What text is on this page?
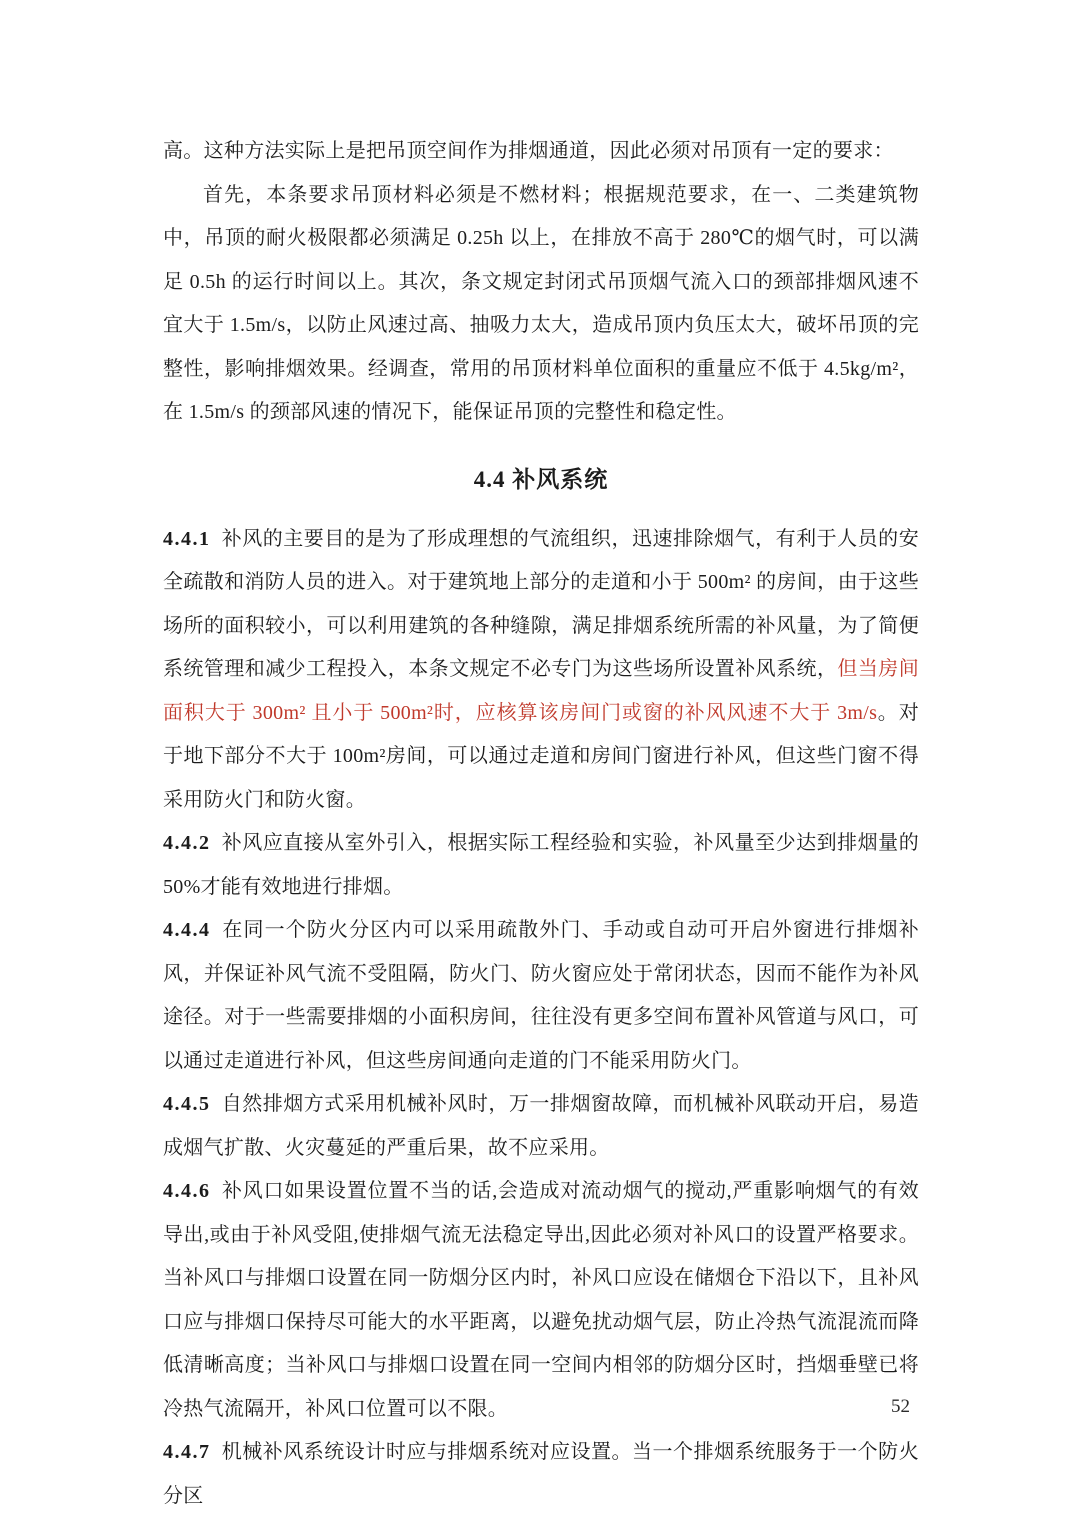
高。这种方法实际上是把吊顶空间作为排烟通道，因此必须对吊顶有一定的要求：

首先，本条要求吊顶材料必须是不燃材料；根据规范要求，在一、二类建筑物中，吊顶的耐火极限都必须满足 0.25h 以上，在排放不高于 280℃的烟气时，可以满足 0.5h 的运行时间以上。其次，条文规定封闭式吊顶烟气流入口的颈部排烟风速不宜大于 1.5m/s，以防止风速过高、抽吸力太大，造成吊顶内负压太大，破坏吊顶的完整性，影响排烟效果。经调查，常用的吊顶材料单位面积的重量应不低于 4.5kg/m²，在 1.5m/s 的颈部风速的情况下，能保证吊顶的完整性和稳定性。

4.4 补风系统

4.4.1 补风的主要目的是为了形成理想的气流组织，迅速排除烟气，有利于人员的安全疏散和消防人员的进入。对于建筑地上部分的走道和小于 500m² 的房间，由于这些场所的面积较小，可以利用建筑的各种缝隙，满足排烟系统所需的补风量，为了简便系统管理和减少工程投入，本条文规定不必专门为这些场所设置补风系统，但当房间面积大于 300m² 且小于 500m²时，应核算该房间门或窗的补风风速不大于 3m/s。对于地下部分不大于 100m²房间，可以通过走道和房间门窗进行补风，但这些门窗不得采用防火门和防火窗。

4.4.2 补风应直接从室外引入，根据实际工程经验和实验，补风量至少达到排烟量的 50%才能有效地进行排烟。

4.4.4 在同一个防火分区内可以采用疏散外门、手动或自动可开启外窗进行排烟补风，并保证补风气流不受阻隔，防火门、防火窗应处于常闭状态，因而不能作为补风途径。对于一些需要排烟的小面积房间，往往没有更多空间布置补风管道与风口，可以通过走道进行补风，但这些房间通向走道的门不能采用防火门。

4.4.5 自然排烟方式采用机械补风时，万一排烟窗故障，而机械补风联动开启，易造成烟气扩散、火灾蔓延的严重后果，故不应采用。

4.4.6 补风口如果设置位置不当的话,会造成对流动烟气的搅动,严重影响烟气的有效导出,或由于补风受阻,使排烟气流无法稳定导出,因此必须对补风口的设置严格要求。当补风口与排烟口设置在同一防烟分区内时，补风口应设在储烟仓下沿以下，且补风口应与排烟口保持尽可能大的水平距离，以避免扰动烟气层，防止冷热气流混流而降低清晰高度；当补风口与排烟口设置在同一空间内相邻的防烟分区时，挡烟垂壁已将冷热气流隔开，补风口位置可以不限。

4.4.7 机械补风系统设计时应与排烟系统对应设置。当一个排烟系统服务于一个防火分区

52
